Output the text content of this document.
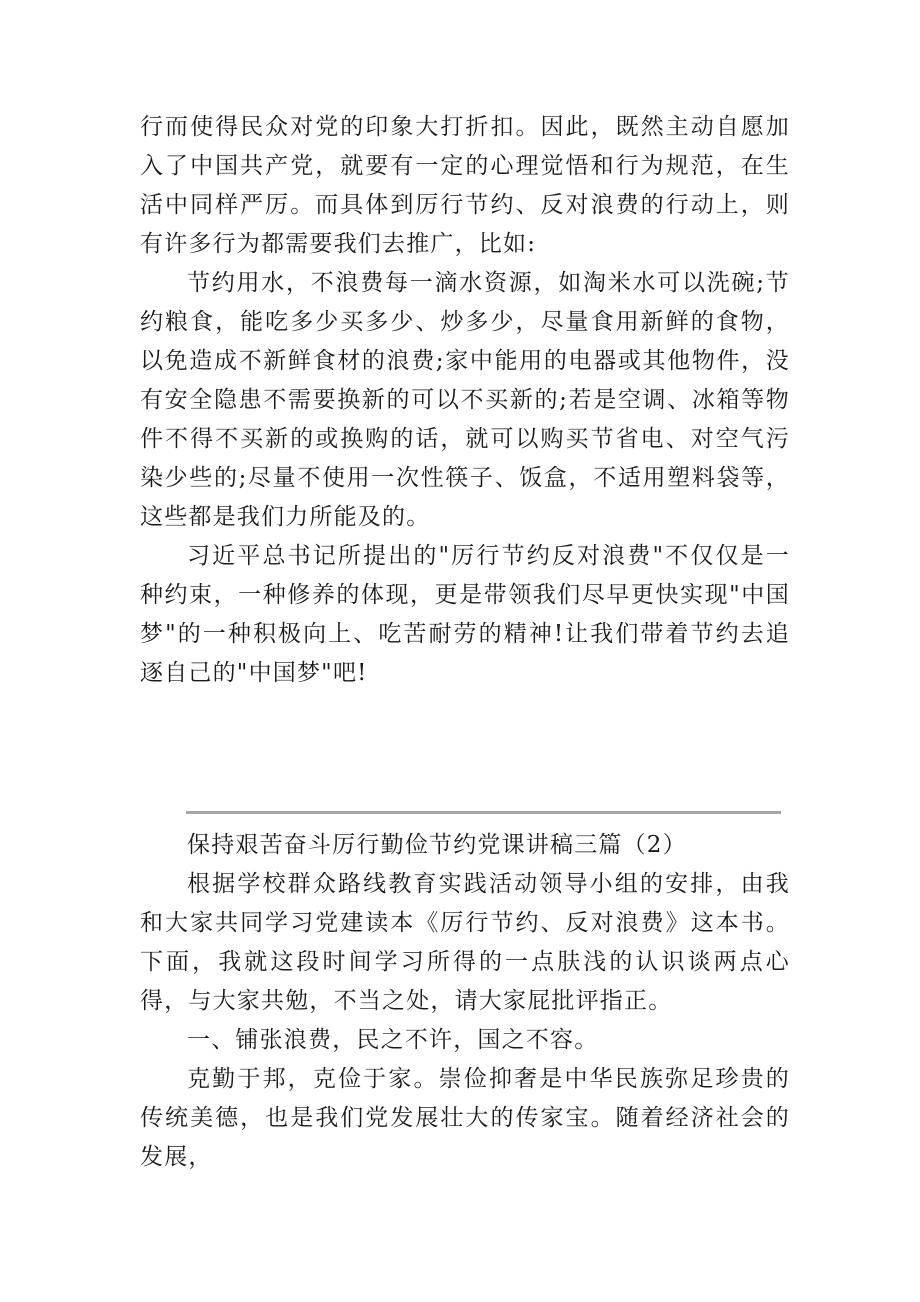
行而使得民众对党的印象大打折扣。因此，既然主动自愿加入了中国共产党，就要有一定的心理觉悟和行为规范，在生活中同样严厉。而具体到厉行节约、反对浪费的行动上，则有许多行为都需要我们去推广，比如:

节约用水，不浪费每一滴水资源，如淘米水可以洗碗;节约粮食，能吃多少买多少、炒多少，尽量食用新鲜的食物，以免造成不新鲜食材的浪费;家中能用的电器或其他物件，没有安全隐患不需要换新的可以不买新的;若是空调、冰箱等物件不得不买新的或换购的话，就可以购买节省电、对空气污染少些的;尽量不使用一次性筷子、饭盒，不适用塑料袋等，这些都是我们力所能及的。

习近平总书记所提出的"厉行节约反对浪费"不仅仅是一种约束，一种修养的体现，更是带领我们尽早更快实现"中国梦"的一种积极向上、吃苦耐劳的精神!让我们带着节约去追逐自己的"中国梦"吧!

保持艰苦奋斗厉行勤俭节约党课讲稿三篇（2）

根据学校群众路线教育实践活动领导小组的安排，由我和大家共同学习党建读本《厉行节约、反对浪费》这本书。下面，我就这段时间学习所得的一点肤浅的认识谈两点心得，与大家共勉，不当之处，请大家屁批评指正。

一、铺张浪费，民之不许，国之不容。

克勤于邦，克俭于家。崇俭抑奢是中华民族弥足珍贵的传统美德，也是我们党发展壮大的传家宝。随着经济社会的发展，
